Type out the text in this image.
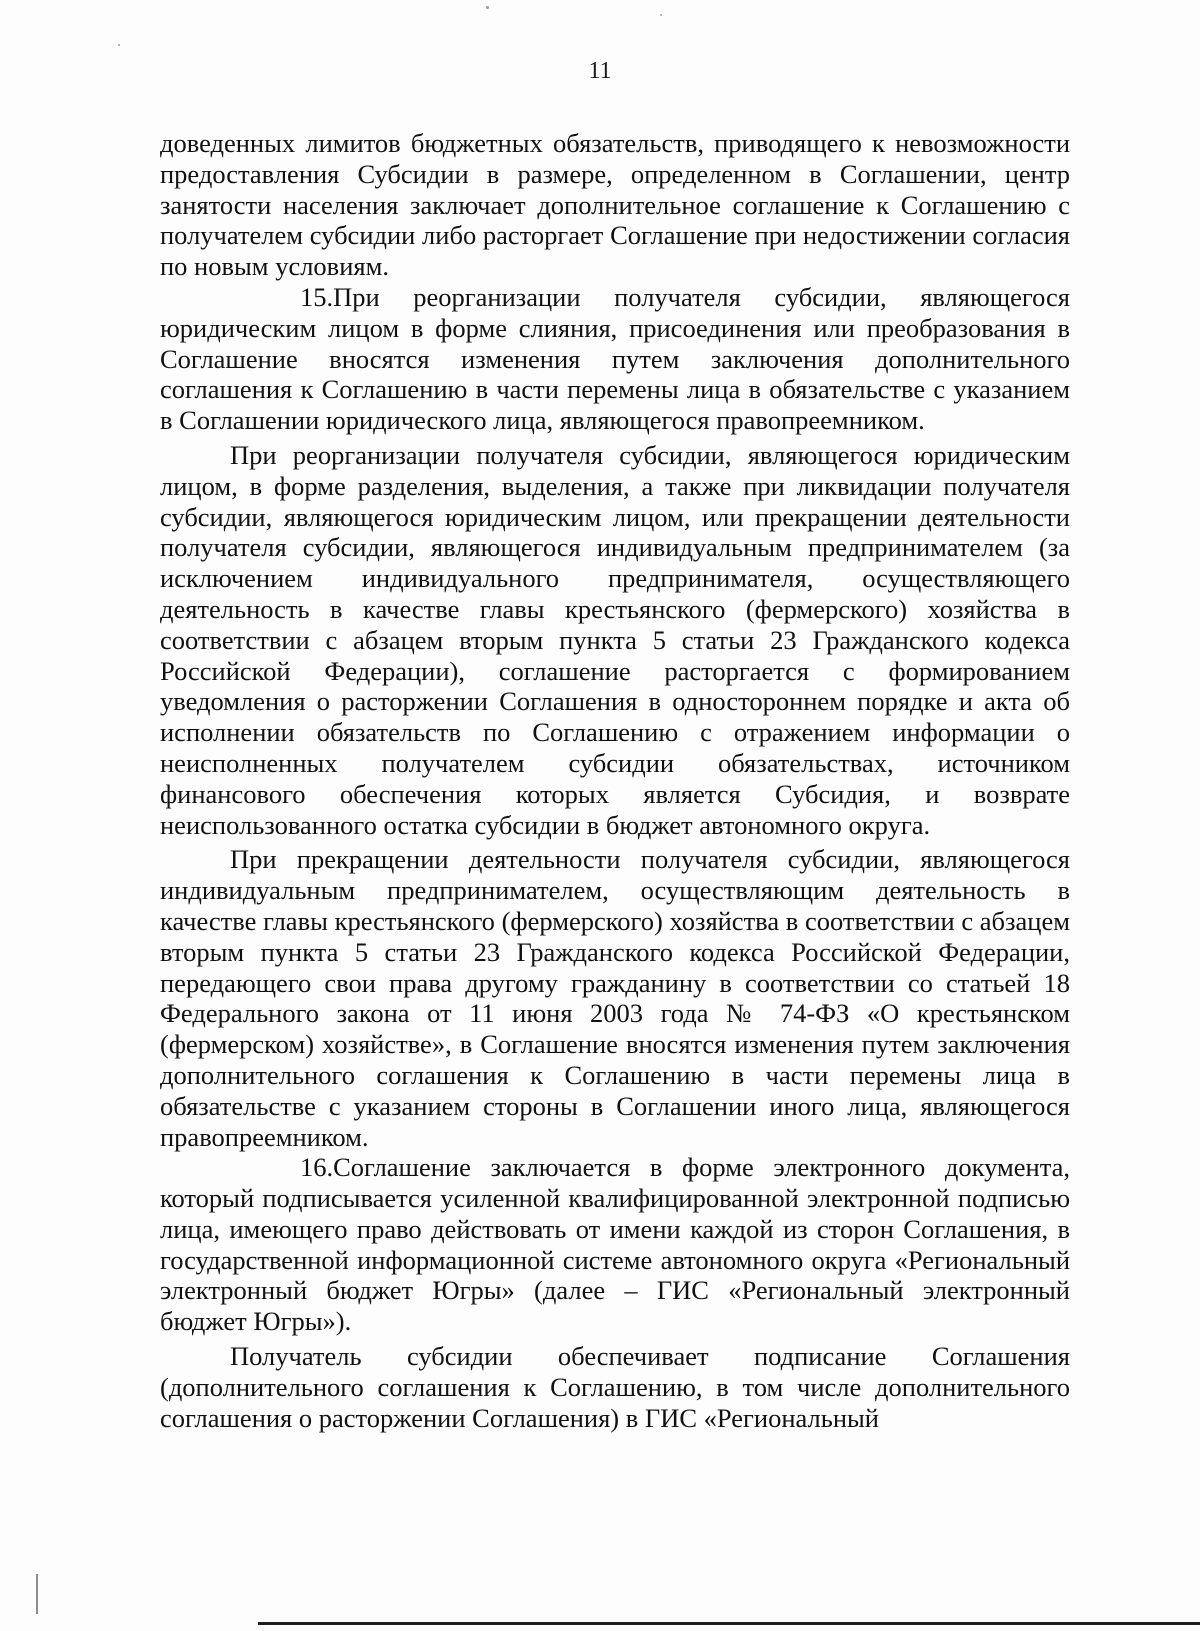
11

доведенных лимитов бюджетных обязательств, приводящего к невозможности предоставления Субсидии в размере, определенном в Соглашении, центр занятости населения заключает дополнительное соглашение к Соглашению с получателем субсидии либо расторгает Соглашение при недостижении согласия по новым условиям.

15.При реорганизации получателя субсидии, являющегося юридическим лицом в форме слияния, присоединения или преобразования в Соглашение вносятся изменения путем заключения дополнительного соглашения к Соглашению в части перемены лица в обязательстве с указанием в Соглашении юридического лица, являющегося правопреемником.

При реорганизации получателя субсидии, являющегося юридическим лицом, в форме разделения, выделения, а также при ликвидации получателя субсидии, являющегося юридическим лицом, или прекращении деятельности получателя субсидии, являющегося индивидуальным предпринимателем (за исключением индивидуального предпринимателя, осуществляющего деятельность в качестве главы крестьянского (фермерского) хозяйства в соответствии с абзацем вторым пункта 5 статьи 23 Гражданского кодекса Российской Федерации), соглашение расторгается с формированием уведомления о расторжении Соглашения в одностороннем порядке и акта об исполнении обязательств по Соглашению с отражением информации о неисполненных получателем субсидии обязательствах, источником финансового обеспечения которых является Субсидия, и возврате неиспользованного остатка субсидии в бюджет автономного округа.

При прекращении деятельности получателя субсидии, являющегося индивидуальным предпринимателем, осуществляющим деятельность в качестве главы крестьянского (фермерского) хозяйства в соответствии с абзацем вторым пункта 5 статьи 23 Гражданского кодекса Российской Федерации, передающего свои права другому гражданину в соответствии со статьей 18 Федерального закона от 11 июня 2003 года № 74-ФЗ «О крестьянском (фермерском) хозяйстве», в Соглашение вносятся изменения путем заключения дополнительного соглашения к Соглашению в части перемены лица в обязательстве с указанием стороны в Соглашении иного лица, являющегося правопреемником.

16.Соглашение заключается в форме электронного документа, который подписывается усиленной квалифицированной электронной подписью лица, имеющего право действовать от имени каждой из сторон Соглашения, в государственной информационной системе автономного округа «Региональный электронный бюджет Югры» (далее – ГИС «Региональный электронный бюджет Югры»).

Получатель субсидии обеспечивает подписание Соглашения (дополнительного соглашения к Соглашению, в том числе дополнительного соглашения о расторжении Соглашения) в ГИС «Региональный
